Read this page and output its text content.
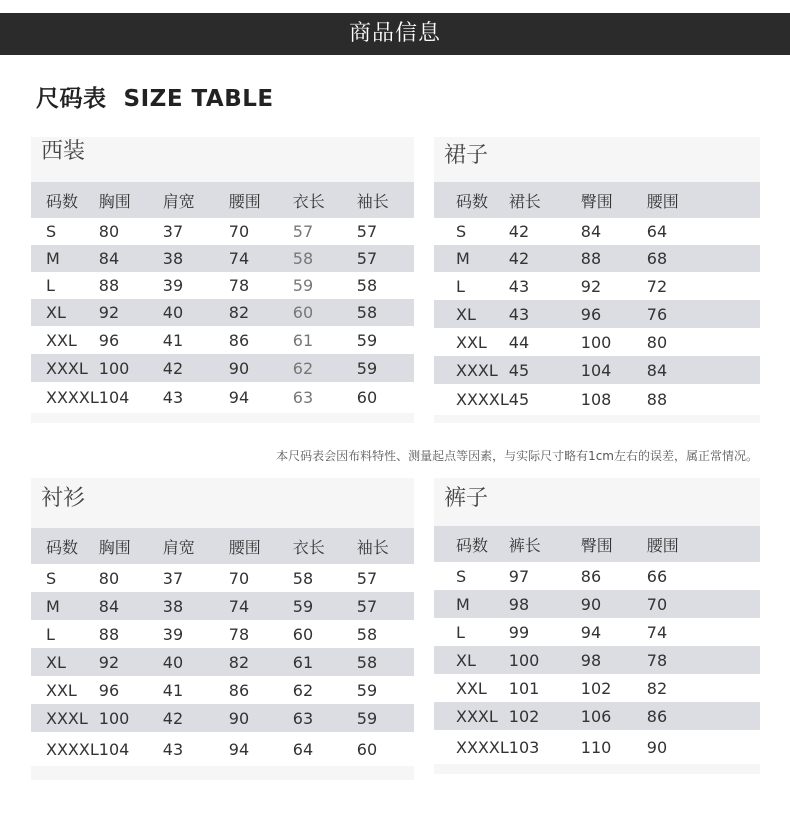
商品信息
尺码表  SIZE TABLE
西装
码数	胸围	肩宽	腰围	衣长	袖长
S	80	37	70	57	57
M	84	38	74	58	57
L	88	39	78	59	58
XL	92	40	82	60	58
XXL	96	41	86	61	59
XXXL	100	42	90	62	59
XXXXL	104	43	94	63	60
裙子
码数	裙长	臀围	腰围
S	42	84	64
M	42	88	68
L	43	92	72
XL	43	96	76
XXL	44	100	80
XXXL	45	104	84
XXXXL	45	108	88
本尺码表会因布料特性、测量起点等因素，与实际尺寸略有1cm左右的误差，属正常情况。
衬衫
码数	胸围	肩宽	腰围	衣长	袖长
S	80	37	70	58	57
M	84	38	74	59	57
L	88	39	78	60	58
XL	92	40	82	61	58
XXL	96	41	86	62	59
XXXL	100	42	90	63	59
XXXXL	104	43	94	64	60
裤子
码数	裤长	臀围	腰围
S	97	86	66
M	98	90	70
L	99	94	74
XL	100	98	78
XXL	101	102	82
XXXL	102	106	86
XXXXL	103	110	90
